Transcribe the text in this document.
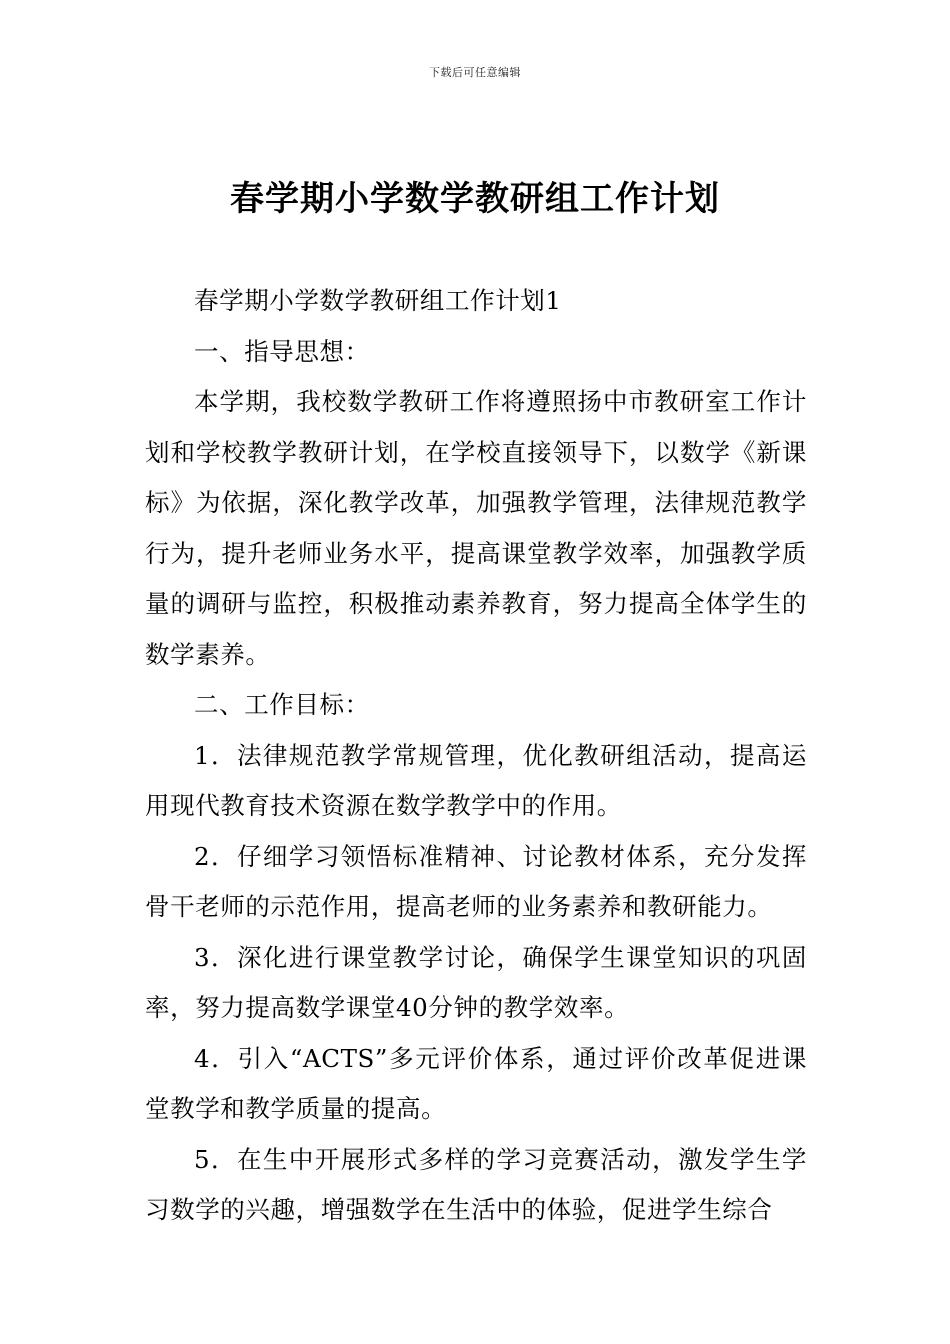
下载后可任意编辑
春学期小学数学教研组工作计划

春学期小学数学教研组工作计划1

一、指导思想：

本学期，我校数学教研工作将遵照扬中市教研室工作计划和学校教学教研计划，在学校直接领导下，以数学《新课标》为依据，深化教学改革，加强教学管理，法律规范教学行为，提升老师业务水平，提高课堂教学效率，加强教学质量的调研与监控，积极推动素养教育，努力提高全体学生的数学素养。

二、工作目标：

1．法律规范教学常规管理，优化教研组活动，提高运用现代教育技术资源在数学教学中的作用。

2．仔细学习领悟标准精神、讨论教材体系，充分发挥骨干老师的示范作用，提高老师的业务素养和教研能力。

3．深化进行课堂教学讨论，确保学生课堂知识的巩固率，努力提高数学课堂40分钟的教学效率。

4．引入“ACTS”多元评价体系，通过评价改革促进课堂教学和教学质量的提高。

5．在生中开展形式多样的学习竞赛活动，激发学生学习数学的兴趣，增强数学在生活中的体验，促进学生综合
